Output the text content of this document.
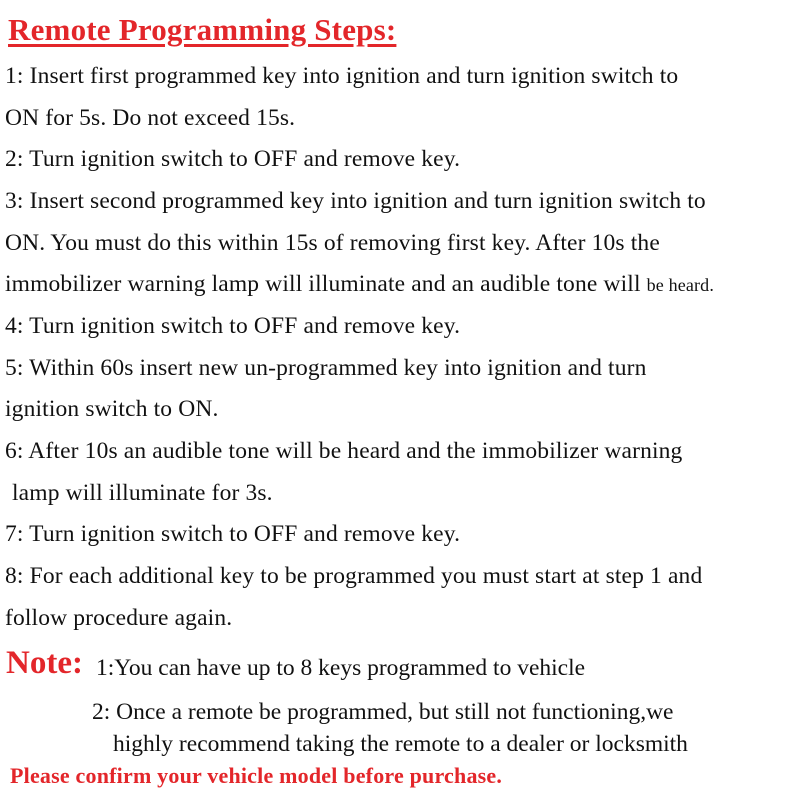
Remote Programming Steps:
1: Insert first programmed key into ignition and turn ignition switch to
ON for 5s. Do not exceed 15s.
2: Turn ignition switch to OFF and remove key.
3: Insert second programmed key into ignition and turn ignition switch to
ON. You must do this within 15s of removing first key. After 10s the
immobilizer warning lamp will illuminate and an audible tone will be heard.
4: Turn ignition switch to OFF and remove key.
5: Within 60s insert new un-programmed key into ignition and turn
ignition switch to ON.
6: After 10s an audible tone will be heard and the immobilizer warning
lamp will illuminate for 3s.
7: Turn ignition switch to OFF and remove key.
8: For each additional key to be programmed you must start at step 1 and
follow procedure again.
Note: 1:You can have up to 8 keys programmed to vehicle
2: Once a remote be programmed, but still not functioning,we
highly recommend taking the remote to a dealer or locksmith
Please confirm your vehicle model before purchase.
